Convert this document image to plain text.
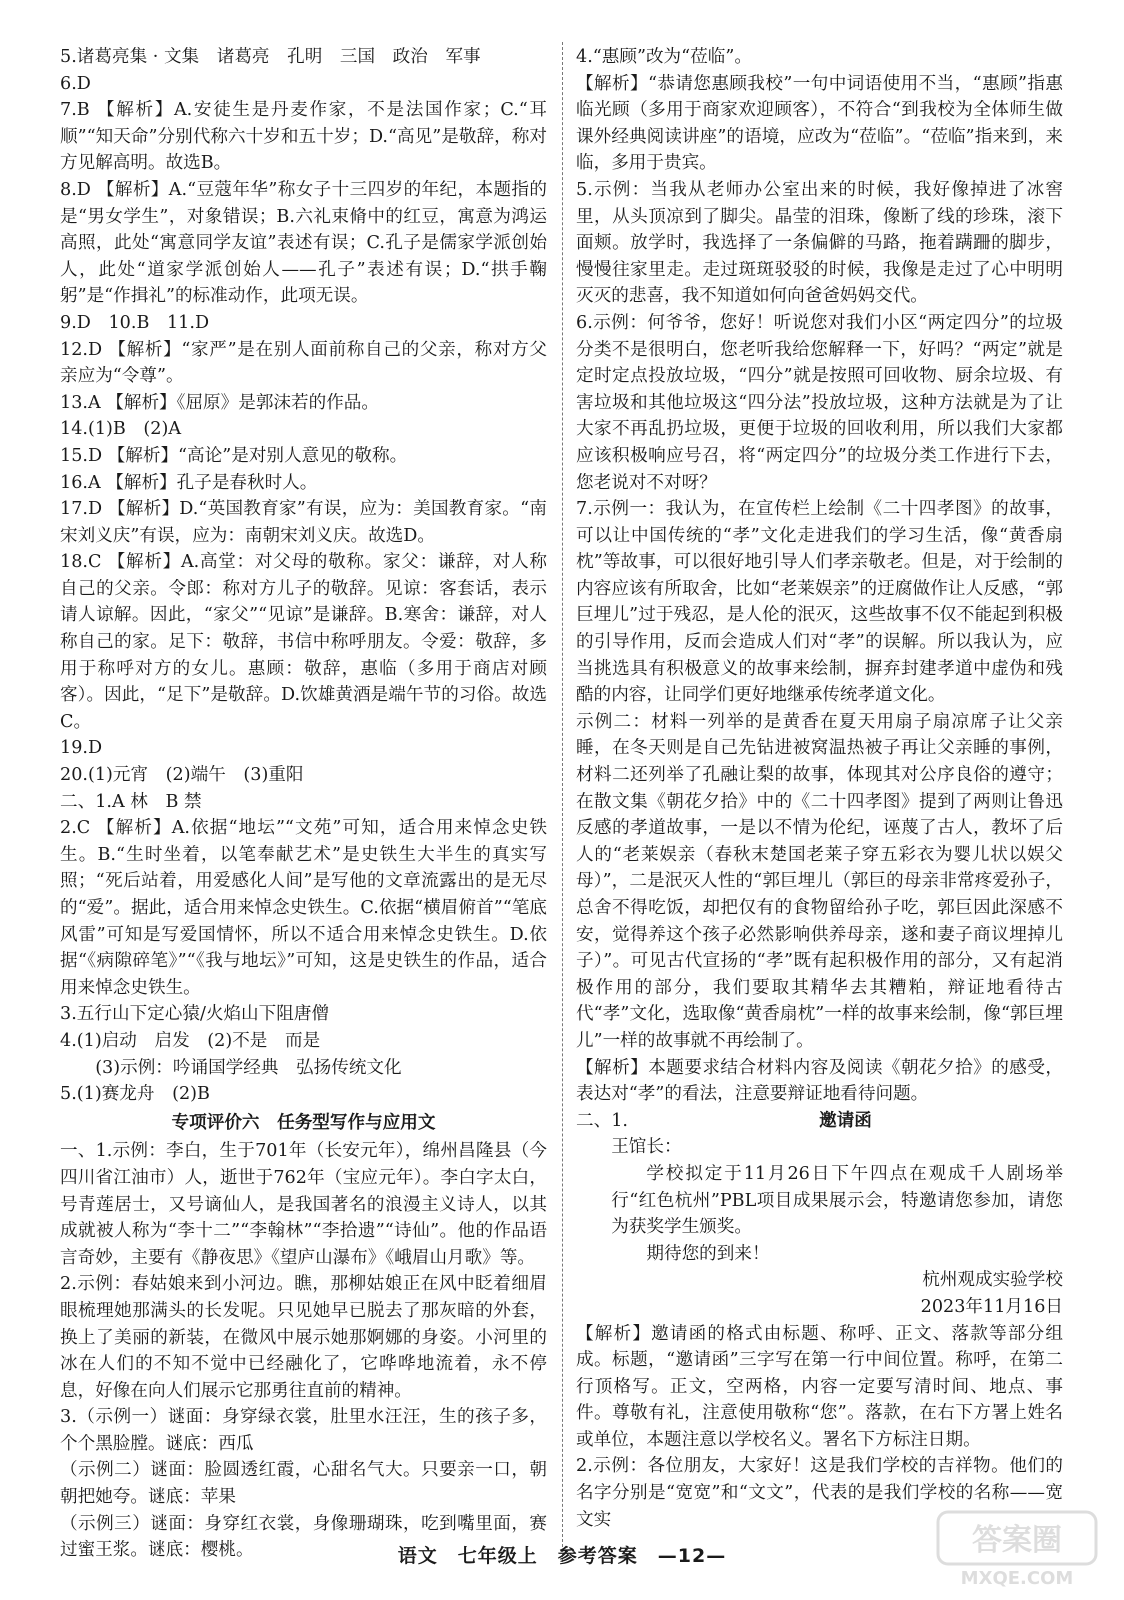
5.诸葛亮集 · 文集　诸葛亮　孔明　三国　政治　军事

6.D

7.B 【解析】A.安徒生是丹麦作家，不是法国作家；C.“耳顺”“知天命”分别代称六十岁和五十岁；D.“高见”是敬辞，称对方见解高明。故选B。

8.D 【解析】A.“豆蔻年华”称女子十三四岁的年纪，本题指的是“男女学生”，对象错误；B.六礼束脩中的红豆，寓意为鸿运高照，此处“寓意同学友谊”表述有误；C.孔子是儒家学派创始人，此处“道家学派创始人——孔子”表述有误；D.“拱手鞠躬”是“作揖礼”的标准动作，此项无误。

9.D　10.B　11.D

12.D 【解析】“家严”是在别人面前称自己的父亲，称对方父亲应为“令尊”。

13.A 【解析】《屈原》是郭沫若的作品。

14.(1)B　(2)A

15.D 【解析】“高论”是对别人意见的敬称。

16.A 【解析】孔子是春秋时人。

17.D 【解析】D.“英国教育家”有误，应为：美国教育家。“南宋刘义庆”有误，应为：南朝宋刘义庆。故选D。

18.C 【解析】A.高堂：对父母的敬称。家父：谦辞，对人称自己的父亲。令郎：称对方儿子的敬辞。见谅：客套话，表示请人谅解。因此，“家父”“见谅”是谦辞。B.寒舍：谦辞，对人称自己的家。足下：敬辞，书信中称呼朋友。令爱：敬辞，多用于称呼对方的女儿。惠顾：敬辞，惠临（多用于商店对顾客）。因此，“足下”是敬辞。D.饮雄黄酒是端午节的习俗。故选C。

19.D

20.(1)元宵　(2)端午　(3)重阳

二、1.A 林　B 禁

2.C 【解析】A.依据“地坛”“文苑”可知，适合用来悼念史铁生。B.“生时坐着，以笔奉献艺术”是史铁生大半生的真实写照；“死后站着，用爱感化人间”是写他的文章流露出的是无尽的“爱”。据此，适合用来悼念史铁生。C.依据“横眉俯首”“笔底风雷”可知是写爱国情怀，所以不适合用来悼念史铁生。D.依据“《病隙碎笔》”“《我与地坛》”可知，这是史铁生的作品，适合用来悼念史铁生。

3.五行山下定心猿/火焰山下阻唐僧

4.(1)启动　启发　(2)不是　而是

(3)示例：吟诵国学经典　弘扬传统文化

5.(1)赛龙舟　(2)B

专项评价六　任务型写作与应用文

一、1.示例：李白，生于701年（长安元年），绵州昌隆县（今四川省江油市）人，逝世于762年（宝应元年）。李白字太白，号青莲居士，又号谪仙人，是我国著名的浪漫主义诗人，以其成就被人称为“李十二”“李翰林”“李拾遗”“诗仙”。他的作品语言奇妙，主要有《静夜思》《望庐山瀑布》《峨眉山月歌》等。

2.示例：春姑娘来到小河边。瞧，那柳姑娘正在风中眨着细眉眼梳理她那满头的长发呢。只见她早已脱去了那灰暗的外套，换上了美丽的新装，在微风中展示她那婀娜的身姿。小河里的冰在人们的不知不觉中已经融化了，它哗哗地流着，永不停息，好像在向人们展示它那勇往直前的精神。

3.（示例一）谜面：身穿绿衣裳，肚里水汪汪，生的孩子多，个个黑脸膛。谜底：西瓜

（示例二）谜面：脸圆透红霞，心甜名气大。只要亲一口，朝朝把她夸。谜底：苹果

（示例三）谜面：身穿红衣裳，身像珊瑚珠，吃到嘴里面，赛过蜜王浆。谜底：樱桃。

4.“惠顾”改为“莅临”。

【解析】“恭请您惠顾我校”一句中词语使用不当，“惠顾”指惠临光顾（多用于商家欢迎顾客），不符合“到我校为全体师生做课外经典阅读讲座”的语境，应改为“莅临”。“莅临”指来到，来临，多用于贵宾。

5.示例：当我从老师办公室出来的时候，我好像掉进了冰窖里，从头顶凉到了脚尖。晶莹的泪珠，像断了线的珍珠，滚下面颊。放学时，我选择了一条偏僻的马路，拖着蹒跚的脚步，慢慢往家里走。走过斑斑驳驳的时候，我像是走过了心中明明灭灭的悲喜，我不知道如何向爸爸妈妈交代。

6.示例：何爷爷，您好！听说您对我们小区“两定四分”的垃圾分类不是很明白，您老听我给您解释一下，好吗？“两定”就是定时定点投放垃圾，“四分”就是按照可回收物、厨余垃圾、有害垃圾和其他垃圾这“四分法”投放垃圾，这种方法就是为了让大家不再乱扔垃圾，更便于垃圾的回收利用，所以我们大家都应该积极响应号召，将“两定四分”的垃圾分类工作进行下去，您老说对不对呀？

7.示例一：我认为，在宣传栏上绘制《二十四孝图》的故事，可以让中国传统的“孝”文化走进我们的学习生活，像“黄香扇枕”等故事，可以很好地引导人们孝亲敬老。但是，对于绘制的内容应该有所取舍，比如“老莱娱亲”的迂腐做作让人反感，“郭巨埋儿”过于残忍，是人伦的泯灭，这些故事不仅不能起到积极的引导作用，反而会造成人们对“孝”的误解。所以我认为，应当挑选具有积极意义的故事来绘制，摒弃封建孝道中虚伪和残酷的内容，让同学们更好地继承传统孝道文化。

示例二：材料一列举的是黄香在夏天用扇子扇凉席子让父亲睡，在冬天则是自己先钻进被窝温热被子再让父亲睡的事例，材料二还列举了孔融让梨的故事，体现其对公序良俗的遵守；在散文集《朝花夕拾》中的《二十四孝图》提到了两则让鲁迅反感的孝道故事，一是以不情为伦纪，诬蔑了古人，教坏了后人的“老莱娱亲（春秋末楚国老莱子穿五彩衣为婴儿状以娱父母）”，二是泯灭人性的“郭巨埋儿（郭巨的母亲非常疼爱孙子，总舍不得吃饭，却把仅有的食物留给孙子吃，郭巨因此深感不安，觉得养这个孩子必然影响供养母亲，遂和妻子商议埋掉儿子）”。可见古代宣扬的“孝”既有起积极作用的部分，又有起消极作用的部分，我们要取其精华去其糟粕，辩证地看待古代“孝”文化，选取像“黄香扇枕”一样的故事来绘制，像“郭巨埋儿”一样的故事就不再绘制了。

【解析】本题要求结合材料内容及阅读《朝花夕拾》的感受，表达对“孝”的看法，注意要辩证地看待问题。

二、1.	邀请函

王馆长：

学校拟定于11月26日下午四点在观成千人剧场举行“红色杭州”PBL项目成果展示会，特邀请您参加，请您为获奖学生颁奖。

期待您的到来！

杭州观成实验学校

2023年11月16日

【解析】邀请函的格式由标题、称呼、正文、落款等部分组成。标题，“邀请函”三字写在第一行中间位置。称呼，在第二行顶格写。正文，空两格，内容一定要写清时间、地点、事件。尊敬有礼，注意使用敬称“您”。落款，在右下方署上姓名或单位，本题注意以学校名义。署名下方标注日期。

2.示例：各位朋友，大家好！这是我们学校的吉祥物。他们的名字分别是“宽宽”和“文文”，代表的是我们学校的名称——宽文实

语文　七年级上　参考答案　—12—	答案圈
MXQE.COM
